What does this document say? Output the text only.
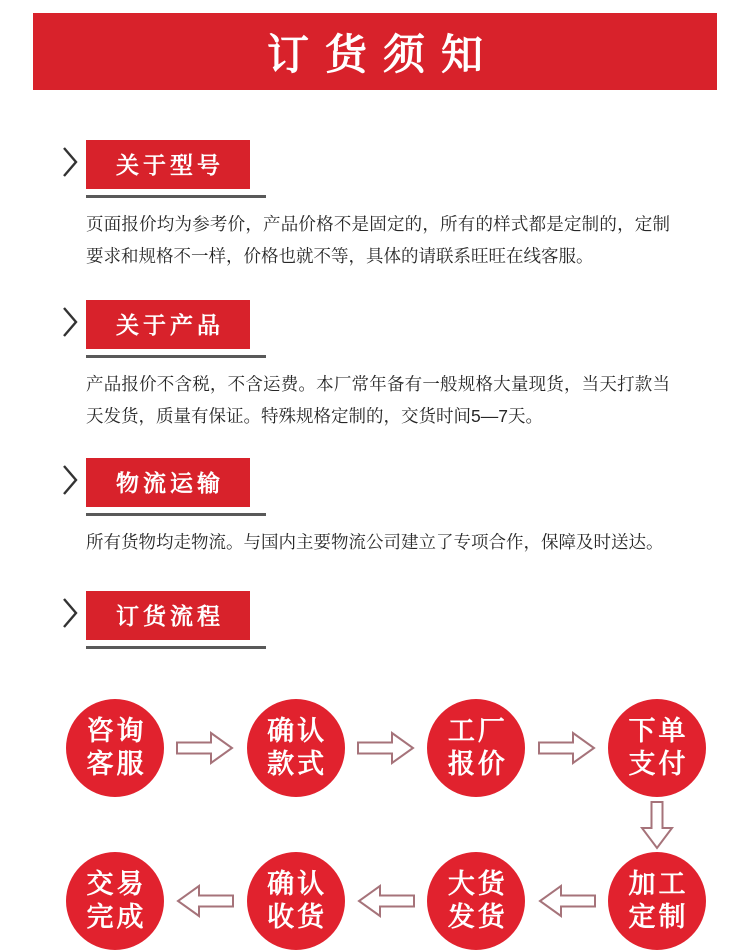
订货须知
关于型号

页面报价均为参考价，产品价格不是固定的，所有的样式都是定制的，定制要求和规格不一样，价格也就不等，具体的请联系旺旺在线客服。

关于产品

产品报价不含税，不含运费。本厂常年备有一般规格大量现货，当天打款当天发货，质量有保证。特殊规格定制的，交货时间5—7天。

物流运输

所有货物均走物流。与国内主要物流公司建立了专项合作，保障及时送达。

订货流程
咨询
客服
确认
款式
工厂
报价
下单
支付
交易
完成
确认
收货
大货
发货
加工
定制
